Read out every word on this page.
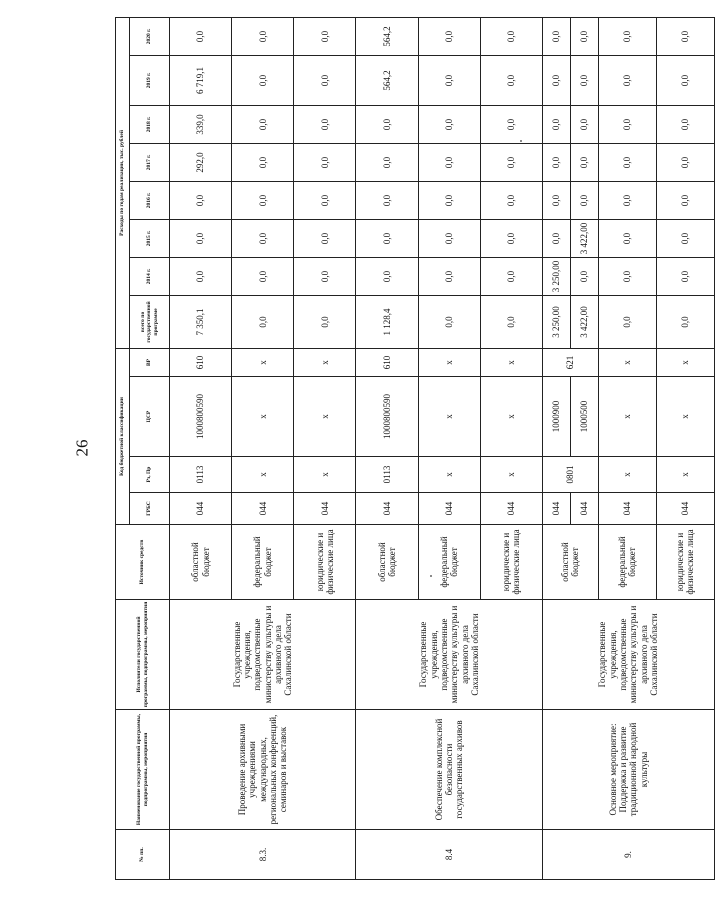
26
№ пп.	Наименование государственной программы, подпрограммы, мероприятия	Исполнители государственной программы, подпрограммы, мероприятия	Источник средств	Код бюджетной классификации				Расходы по годам реализации, тыс. рублей							
				ГРБС	Рз, Пр	ЦСР	ВР	всего по государственной программе	2014 г.	2015 г.	2016 г.	2017 г.	2018 г.	2019 г.	2020 г.
8.3.	Проведение архивными учреждениями международных, региональных конференций, семинаров и выставок	Государственные учреждения, подведомственные министерству культуры и архивного дела Сахалинской области	областной бюджет	044	0113	1000800590	610	7 350,1	0,0	0,0	0,0	292,0	339,0	6 719,1	0,0
			федеральный бюджет	044	х	х	х	0,0	0,0	0,0	0,0	0,0	0,0	0,0	0,0
			юридические и физические лица	044	х	х	х	0,0	0,0	0,0	0,0	0,0	0,0	0,0	0,0
8.4	Обеспечение комплексной безопасности государственных архивов	Государственные учреждения, подведомственные министерству культуры и архивного дела Сахалинской области	областной бюджет	044	0113	1000800590	610	1 128,4	0,0	0,0	0,0	0,0	0,0	564,2	564,2
			федеральный бюджет	044	х	х	х	0,0	0,0	0,0	0,0	0,0	0,0	0,0	0,0
			юридические и физические лица	044	х	х	х	0,0	0,0	0,0	0,0	0,0	0,0	0,0	0,0
9.	Основное мероприятие: Поддержка и развитие традиционной народной культуры	Государственные учреждения, подведомственные министерству культуры и архивного дела Сахалинской области	областной бюджет	044	0801	1000900	621	3 250,00	3 250,00	0,0	0,0	0,0	0,0	0,0	0,0
				044		1000500		3 422,00	0,0	3 422,00	0,0	0,0	0,0	0,0	0,0
			федеральный бюджет	044	х	х	х	0,0	0,0	0,0	0,0	0,0	0,0	0,0	0,0
			юридические и физические лица	044	х	х	х	0,0	0,0	0,0	0,0	0,0	0,0	0,0	0,0
